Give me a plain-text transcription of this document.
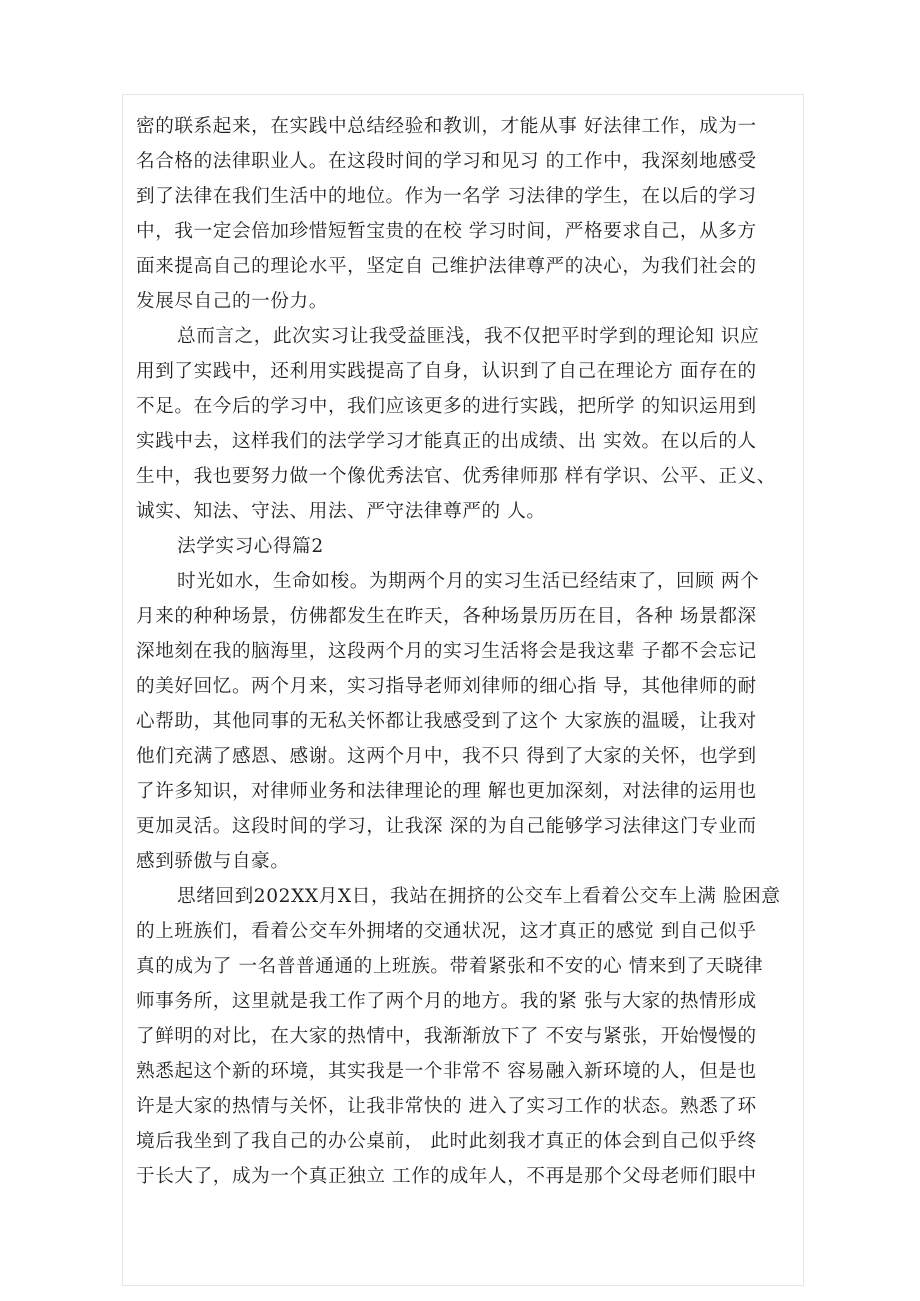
密的联系起来，在实践中总结经验和教训，才能从事 好法律工作，成为一
名合格的法律职业人。在这段时间的学习和见习 的工作中，我深刻地感受
到了法律在我们生活中的地位。作为一名学 习法律的学生，在以后的学习
中，我一定会倍加珍惜短暂宝贵的在校 学习时间，严格要求自己，从多方
面来提高自己的理论水平，坚定自 己维护法律尊严的决心，为我们社会的
发展尽自己的一份力。
总而言之，此次实习让我受益匪浅，我不仅把平时学到的理论知 识应
用到了实践中，还利用实践提高了自身，认识到了自己在理论方 面存在的
不足。在今后的学习中，我们应该更多的进行实践，把所学 的知识运用到
实践中去，这样我们的法学学习才能真正的出成绩、出 实效。在以后的人
生中，我也要努力做一个像优秀法官、优秀律师那 样有学识、公平、正义、
诚实、知法、守法、用法、严守法律尊严的 人。
法学实习心得篇2
时光如水，生命如梭。为期两个月的实习生活已经结束了，回顾 两个
月来的种种场景，仿佛都发生在昨天，各种场景历历在目，各种 场景都深
深地刻在我的脑海里，这段两个月的实习生活将会是我这辈 子都不会忘记
的美好回忆。两个月来，实习指导老师刘律师的细心指 导，其他律师的耐
心帮助，其他同事的无私关怀都让我感受到了这个 大家族的温暖，让我对
他们充满了感恩、感谢。这两个月中，我不只 得到了大家的关怀，也学到
了许多知识，对律师业务和法律理论的理 解也更加深刻，对法律的运用也
更加灵活。这段时间的学习，让我深 深的为自己能够学习法律这门专业而
感到骄傲与自豪。
思绪回到202XX月X日，我站在拥挤的公交车上看着公交车上满 脸困意
的上班族们，看着公交车外拥堵的交通状况，这才真正的感觉 到自己似乎
真的成为了 一名普普通通的上班族。带着紧张和不安的心 情来到了天晓律
师事务所，这里就是我工作了两个月的地方。我的紧 张与大家的热情形成
了鲜明的对比，在大家的热情中，我渐渐放下了 不安与紧张，开始慢慢的
熟悉起这个新的环境，其实我是一个非常不 容易融入新环境的人，但是也
许是大家的热情与关怀，让我非常快的 进入了实习工作的状态。熟悉了环
境后我坐到了我自己的办公桌前， 此时此刻我才真正的体会到自己似乎终
于长大了，成为一个真正独立 工作的成年人，不再是那个父母老师们眼中
